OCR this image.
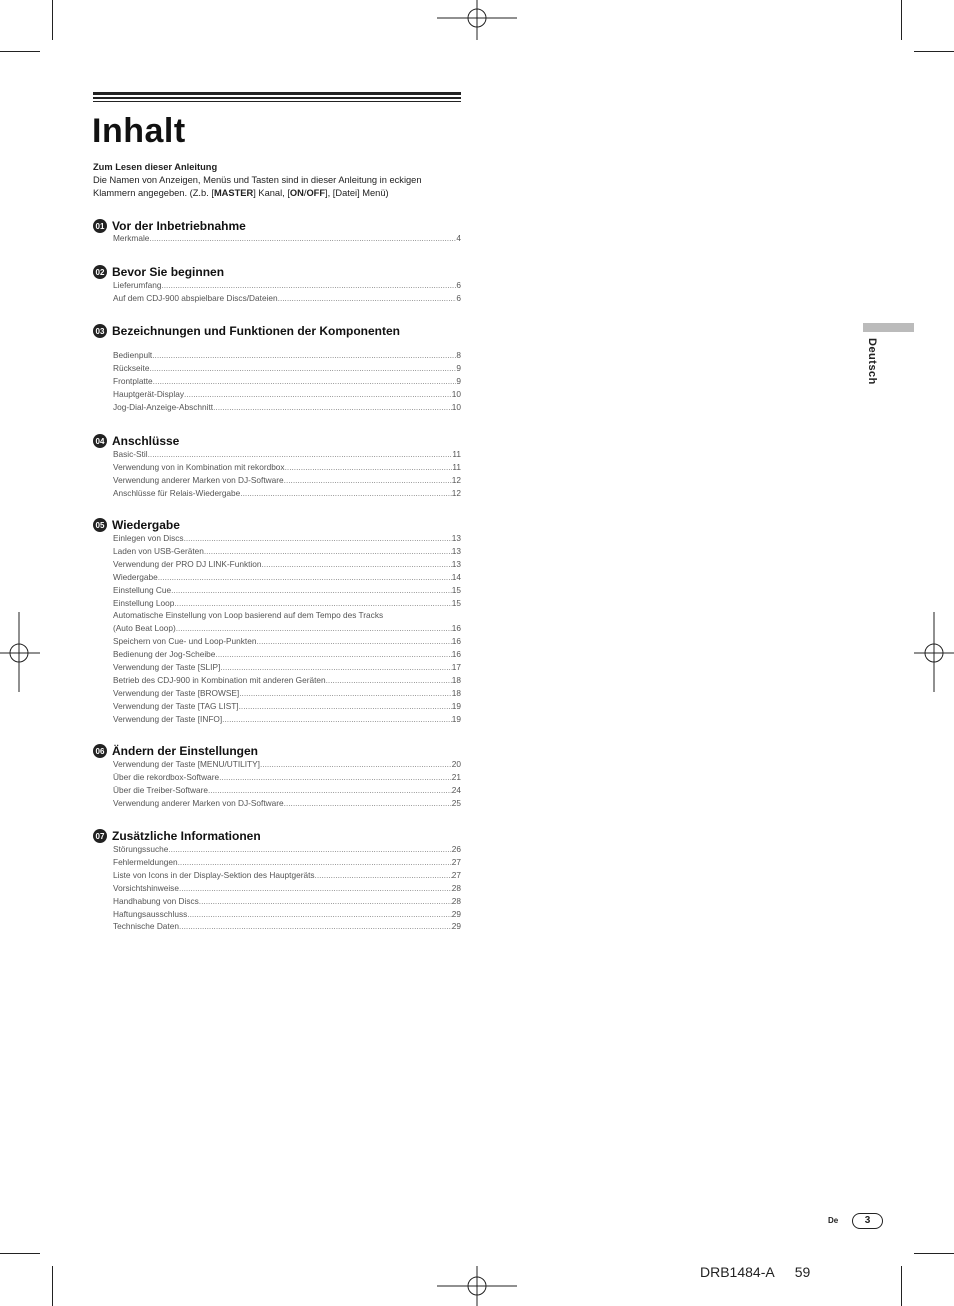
Inhalt
Zum Lesen dieser Anleitung
Die Namen von Anzeigen, Menüs und Tasten sind in dieser Anleitung in eckigen
Klammern angegeben. (Z.b. [MASTER] Kanal, [ON/OFF], [Datei] Menü)
01 Vor der Inbetriebnahme
Merkmale .....	4
02 Bevor Sie beginnen
Lieferumfang .....	6
Auf dem CDJ-900 abspielbare Discs/Dateien .....	6
03 Bezeichnungen und Funktionen der Komponenten
Bedienpult .....	8
Rückseite .....	9
Frontplatte .....	9
Hauptgerät-Display .....	10
Jog-Dial-Anzeige-Abschnitt .....	10
04 Anschlüsse
Basic-Stil .....	11
Verwendung von in Kombination mit rekordbox .....	11
Verwendung anderer Marken von DJ-Software .....	12
Anschlüsse für Relais-Wiedergabe .....	12
05 Wiedergabe
Einlegen von Discs .....	13
Laden von USB-Geräten .....	13
Verwendung der PRO DJ LINK-Funktion .....	13
Wiedergabe .....	14
Einstellung Cue .....	15
Einstellung Loop .....	15
Automatische Einstellung von Loop basierend auf dem Tempo des Tracks
(Auto Beat Loop) .....	16
Speichern von Cue- und Loop-Punkten .....	16
Bedienung der Jog-Scheibe .....	16
Verwendung der Taste [SLIP] .....	17
Betrieb des CDJ-900 in Kombination mit anderen Geräten .....	18
Verwendung der Taste [BROWSE] .....	18
Verwendung der Taste [TAG LIST] .....	19
Verwendung der Taste [INFO] .....	19
06 Ändern der Einstellungen
Verwendung der Taste [MENU/UTILITY] .....	20
Über die rekordbox-Software .....	21
Über die Treiber-Software .....	24
Verwendung anderer Marken von DJ-Software .....	25
07 Zusätzliche Informationen
Störungssuche .....	26
Fehlermeldungen .....	27
Liste von Icons in der Display-Sektion des Hauptgeräts .....	27
Vorsichtshinweise .....	28
Handhabung von Discs .....	28
Haftungsausschluss .....	29
Technische Daten .....	29
Deutsch
De	3
DRB1484-A 59
